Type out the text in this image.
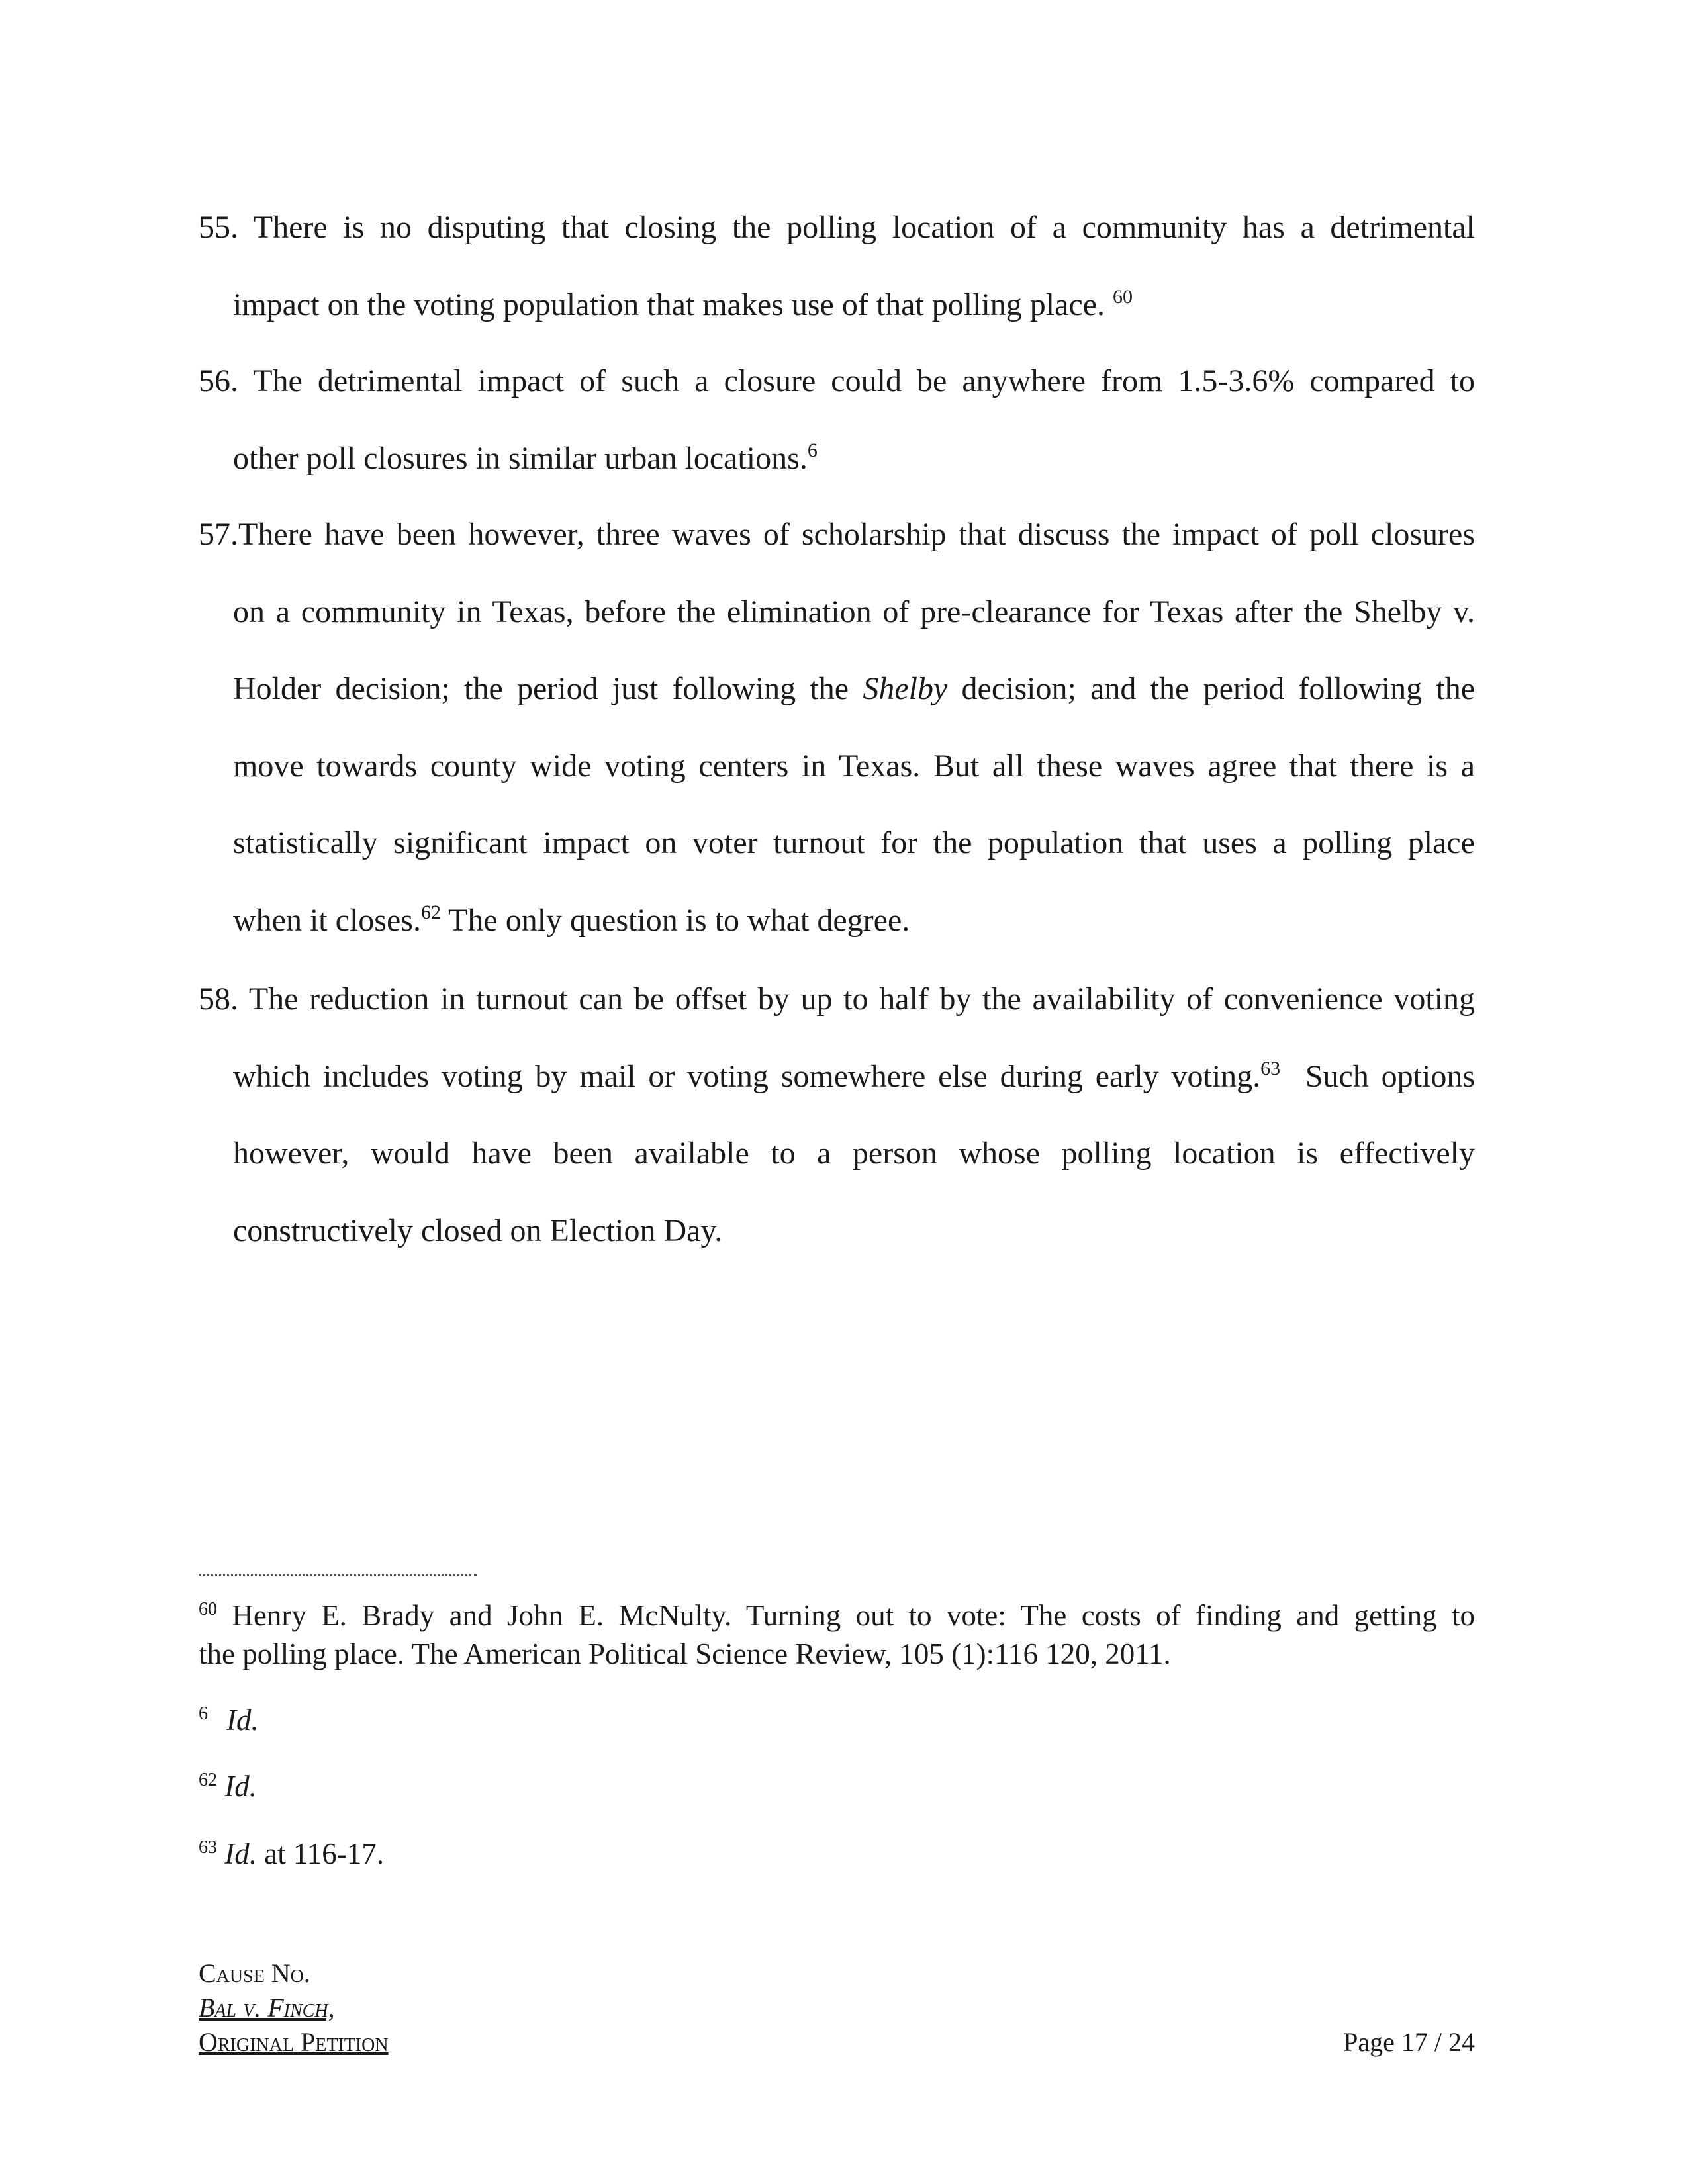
55. There is no disputing that closing the polling location of a community has a detrimental
impact on the voting population that makes use of that polling place. $^{60}$
56. The detrimental impact of such a closure could be anywhere from 1.5-3.6% compared to
other poll closures in similar urban locations.$^6$
57.There have been however, three waves of scholarship that discuss the impact of poll closures
on a community in Texas, before the elimination of pre-clearance for Texas after the Shelby v.
Holder decision; the period just following the Shelby decision; and the period following the
move towards county wide voting centers in Texas. But all these waves agree that there is a
statistically significant impact on voter turnout for the population that uses a polling place
when it closes.$^{62}$ The only question is to what degree.
58. The reduction in turnout can be offset by up to half by the availability of convenience voting
which includes voting by mail or voting somewhere else during early voting.$^{63}$  Such options
however, would have been available to a person whose polling location is effectively
constructively closed on Election Day.
$^{60}$ Henry E. Brady and John E. McNulty. Turning out to vote: The costs of finding and getting to
the polling place. The American Political Science Review, 105 (1):116 120, 2011.
$^6$ Id.
$^{62}$ Id.
$^{63}$ Id. at 116-17.
Cause No.
Bal v. Finch,
Original Petition	Page 17 / 24
